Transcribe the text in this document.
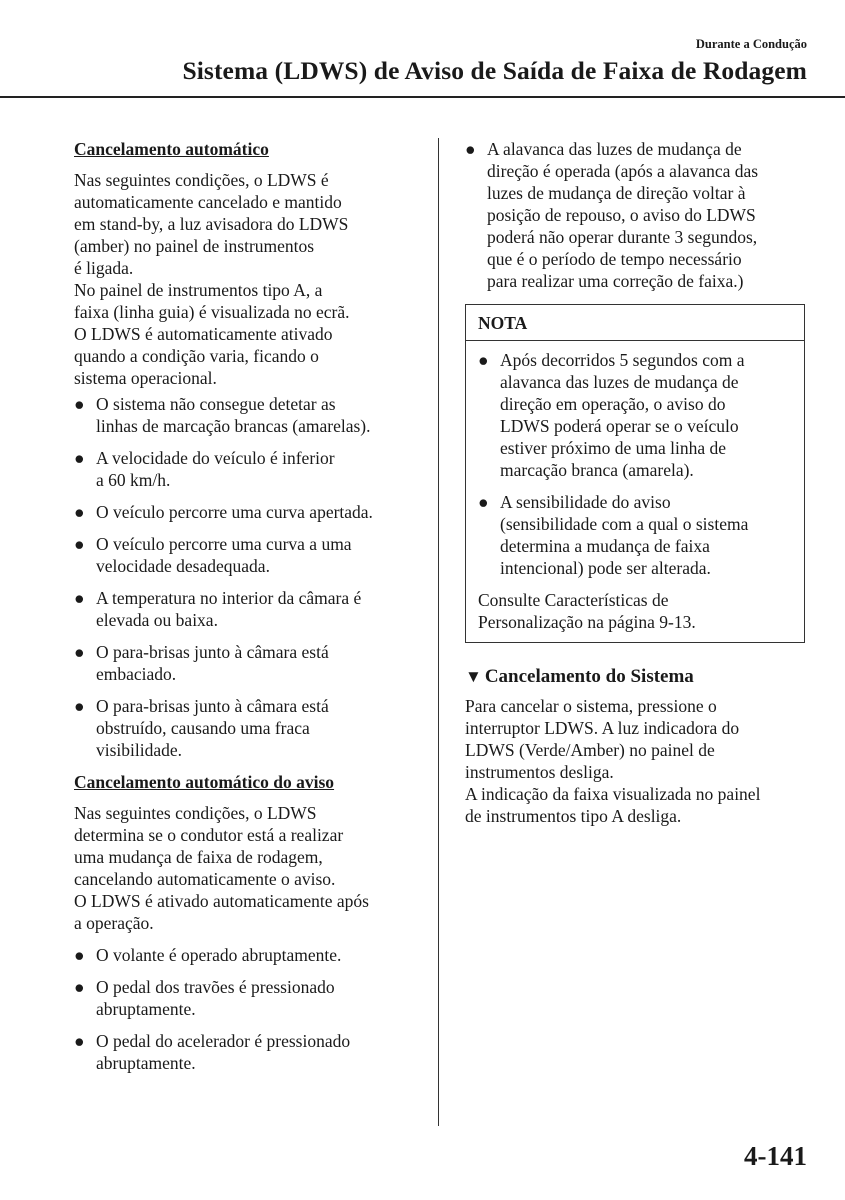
Durante a Condução
Sistema (LDWS) de Aviso de Saída de Faixa de Rodagem
Cancelamento automático

Nas seguintes condições, o LDWS é
automaticamente cancelado e mantido
em stand-by, a luz avisadora do LDWS
(amber) no painel de instrumentos
é ligada.
No painel de instrumentos tipo A, a
faixa (linha guia) é visualizada no ecrã.
O LDWS é automaticamente ativado
quando a condição varia, ficando o
sistema operacional.

● O sistema não consegue detetar as
linhas de marcação brancas (amarelas).
● A velocidade do veículo é inferior
a 60 km/h.
● O veículo percorre uma curva apertada.
● O veículo percorre uma curva a uma
velocidade desadequada.
● A temperatura no interior da câmara é
elevada ou baixa.
● O para-brisas junto à câmara está
embaciado.
● O para-brisas junto à câmara está
obstruído, causando uma fraca
visibilidade.
Cancelamento automático do aviso

Nas seguintes condições, o LDWS
determina se o condutor está a realizar
uma mudança de faixa de rodagem,
cancelando automaticamente o aviso.
O LDWS é ativado automaticamente após
a operação.

● O volante é operado abruptamente.
● O pedal dos travões é pressionado
abruptamente.
● O pedal do acelerador é pressionado
abruptamente.
● A alavanca das luzes de mudança de
direção é operada (após a alavanca das
luzes de mudança de direção voltar à
posição de repouso, o aviso do LDWS
poderá não operar durante 3 segundos,
que é o período de tempo necessário
para realizar uma correção de faixa.)
NOTA
● Após decorridos 5 segundos com a
alavanca das luzes de mudança de
direção em operação, o aviso do
LDWS poderá operar se o veículo
estiver próximo de uma linha de
marcação branca (amarela).
● A sensibilidade do aviso
(sensibilidade com a qual o sistema
determina a mudança de faixa
intencional) pode ser alterada.

Consulte Características de
Personalização na página 9-13.

▼ Cancelamento do Sistema

Para cancelar o sistema, pressione o
interruptor LDWS. A luz indicadora do
LDWS (Verde/Amber) no painel de
instrumentos desliga.
A indicação da faixa visualizada no painel
de instrumentos tipo A desliga.

4-141
